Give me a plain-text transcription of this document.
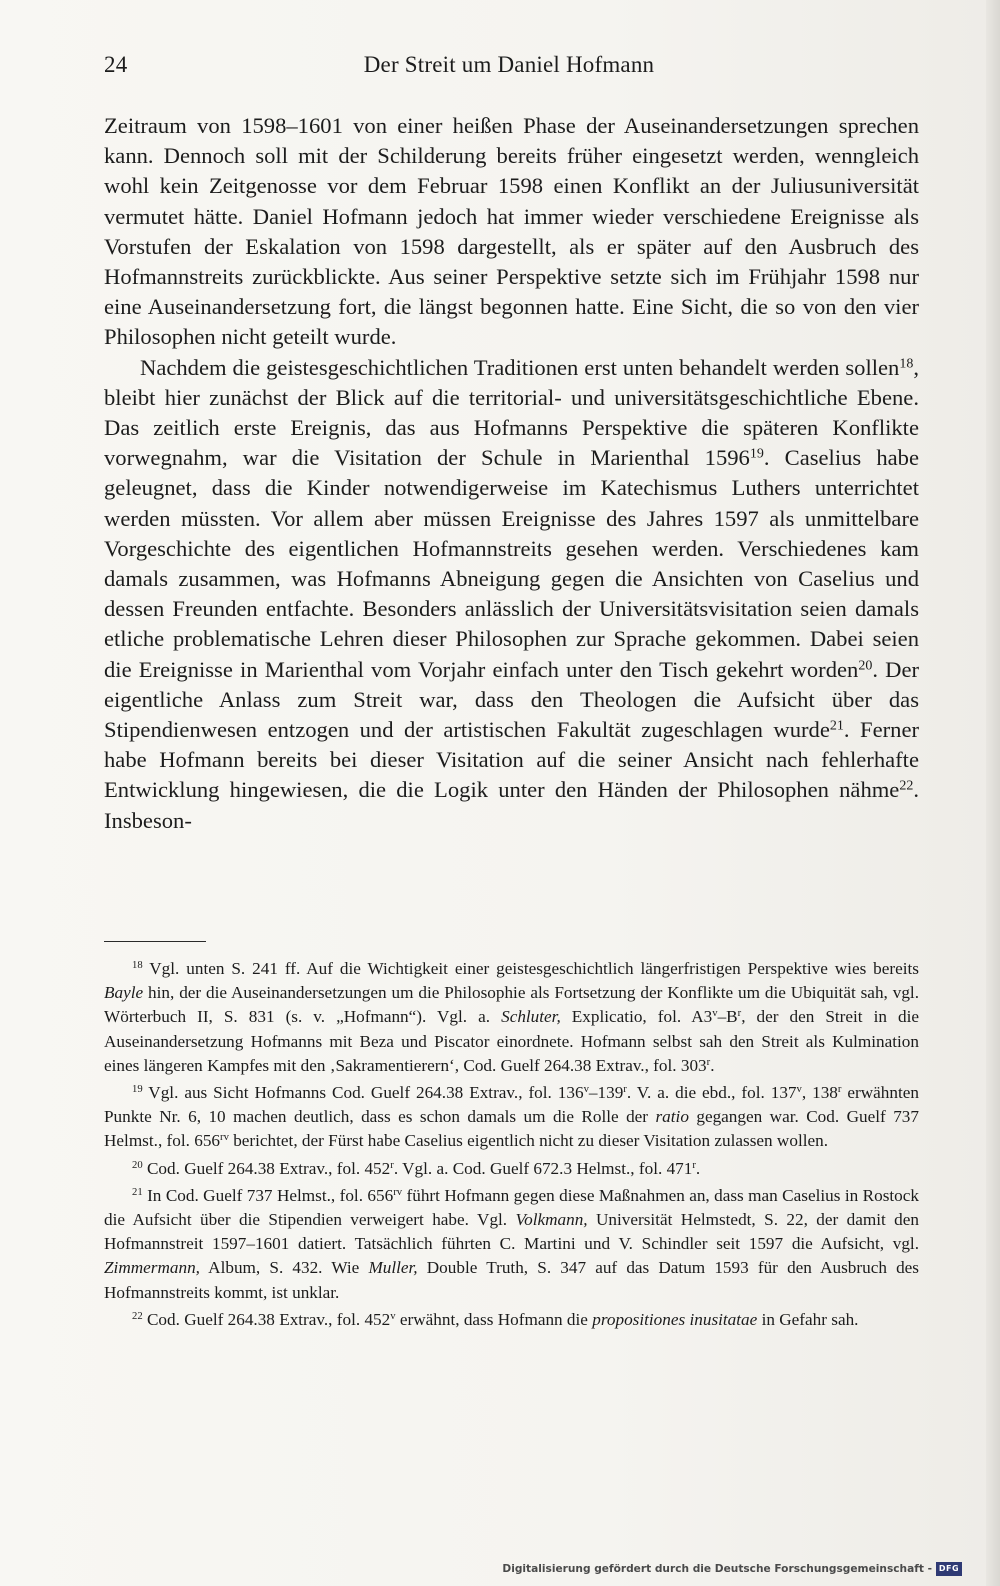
24	Der Streit um Daniel Hofmann

Zeitraum von 1598–1601 von einer heißen Phase der Auseinandersetzungen sprechen kann. Dennoch soll mit der Schilderung bereits früher eingesetzt werden, wenngleich wohl kein Zeitgenosse vor dem Februar 1598 einen Konflikt an der Juliusuniversität vermutet hätte. Daniel Hofmann jedoch hat immer wieder verschiedene Ereignisse als Vorstufen der Eskalation von 1598 dargestellt, als er später auf den Ausbruch des Hofmannstreits zurückblickte. Aus seiner Perspektive setzte sich im Frühjahr 1598 nur eine Auseinandersetzung fort, die längst begonnen hatte. Eine Sicht, die so von den vier Philosophen nicht geteilt wurde.

Nachdem die geistesgeschichtlichen Traditionen erst unten behandelt werden sollen$^{18}$, bleibt hier zunächst der Blick auf die territorial- und universitätsgeschichtliche Ebene. Das zeitlich erste Ereignis, das aus Hofmanns Perspektive die späteren Konflikte vorwegnahm, war die Visitation der Schule in Marienthal 1596$^{19}$. Caselius habe geleugnet, dass die Kinder notwendigerweise im Katechismus Luthers unterrichtet werden müssten. Vor allem aber müssen Ereignisse des Jahres 1597 als unmittelbare Vorgeschichte des eigentlichen Hofmannstreits gesehen werden. Verschiedenes kam damals zusammen, was Hofmanns Abneigung gegen die Ansichten von Caselius und dessen Freunden entfachte. Besonders anlässlich der Universitätsvisitation seien damals etliche problematische Lehren dieser Philosophen zur Sprache gekommen. Dabei seien die Ereignisse in Marienthal vom Vorjahr einfach unter den Tisch gekehrt worden$^{20}$. Der eigentliche Anlass zum Streit war, dass den Theologen die Aufsicht über das Stipendienwesen entzogen und der artistischen Fakultät zugeschlagen wurde$^{21}$. Ferner habe Hofmann bereits bei dieser Visitation auf die seiner Ansicht nach fehlerhafte Entwicklung hingewiesen, die die Logik unter den Händen der Philosophen nähme$^{22}$. Insbeson-

$^{18}$ Vgl. unten S. 241 ff. Auf die Wichtigkeit einer geistesgeschichtlich längerfristigen Perspektive wies bereits Bayle hin, der die Auseinandersetzungen um die Philosophie als Fortsetzung der Konflikte um die Ubiquität sah, vgl. Wörterbuch II, S. 831 (s. v. „Hofmann“). Vgl. a. Schluter, Explicatio, fol. $A3^v-B^r$, der den Streit in die Auseinandersetzung Hofmanns mit Beza und Piscator einordnete. Hofmann selbst sah den Streit als Kulmination eines längeren Kampfes mit den ‚Sakramentierern‘, Cod. Guelf 264.38 Extrav., fol. 303$^r$.

$^{19}$ Vgl. aus Sicht Hofmanns Cod. Guelf 264.38 Extrav., fol. 136$^v$–139$^r$. V. a. die ebd., fol. 137$^v$, 138$^r$ erwähnten Punkte Nr. 6, 10 machen deutlich, dass es schon damals um die Rolle der ratio gegangen war. Cod. Guelf 737 Helmst., fol. $656^{rv}$ berichtet, der Fürst habe Caselius eigentlich nicht zu dieser Visitation zulassen wollen.

$^{20}$ Cod. Guelf 264.38 Extrav., fol. 452$^r$. Vgl. a. Cod. Guelf 672.3 Helmst., fol. 471$^r$.

$^{21}$ In Cod. Guelf 737 Helmst., fol. $656^{rv}$ führt Hofmann gegen diese Maßnahmen an, dass man Caselius in Rostock die Aufsicht über die Stipendien verweigert habe. Vgl. Volkmann, Universität Helmstedt, S. 22, der damit den Hofmannstreit 1597–1601 datiert. Tatsächlich führten C. Martini und V. Schindler seit 1597 die Aufsicht, vgl. Zimmermann, Album, S. 432. Wie Muller, Double Truth, S. 347 auf das Datum 1593 für den Ausbruch des Hofmannstreits kommt, ist unklar.

$^{22}$ Cod. Guelf 264.38 Extrav., fol. 452$^v$ erwähnt, dass Hofmann die propositiones inusitatae in Gefahr sah.

Digitalisierung gefördert durch die Deutsche Forschungsgemeinschaft - DFG
